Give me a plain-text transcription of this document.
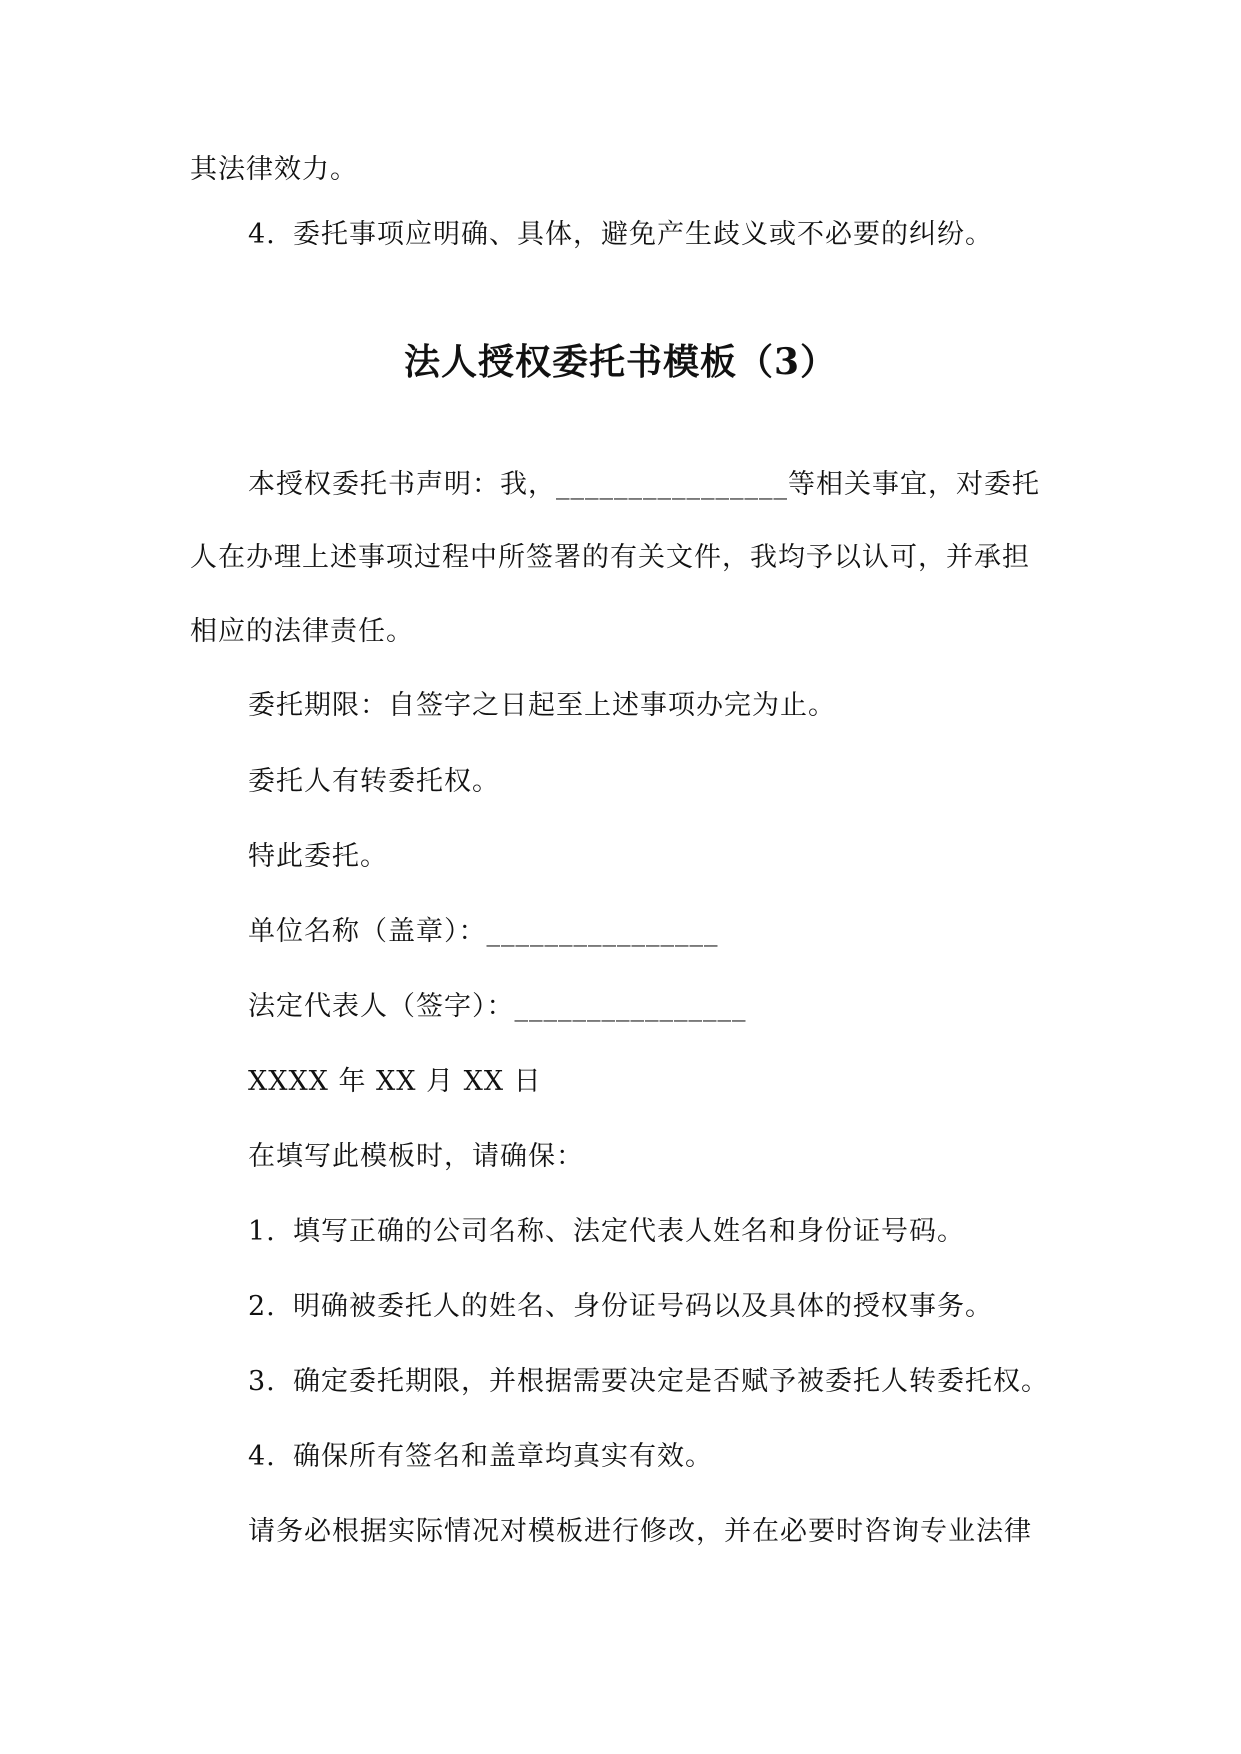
其法律效力。
4. 委托事项应明确、具体，避免产生歧义或不必要的纠纷。
法人授权委托书模板（3）
本授权委托书声明：我，________________等相关事宜，对委托
人在办理上述事项过程中所签署的有关文件，我均予以认可，并承担
相应的法律责任。
委托期限：自签字之日起至上述事项办完为止。
委托人有转委托权。
特此委托。
单位名称（盖章）：________________
法定代表人（签字）：________________
XXXX 年 XX 月 XX 日
在填写此模板时，请确保：
1. 填写正确的公司名称、法定代表人姓名和身份证号码。
2. 明确被委托人的姓名、身份证号码以及具体的授权事务。
3. 确定委托期限，并根据需要决定是否赋予被委托人转委托权。
4. 确保所有签名和盖章均真实有效。
请务必根据实际情况对模板进行修改，并在必要时咨询专业法律
